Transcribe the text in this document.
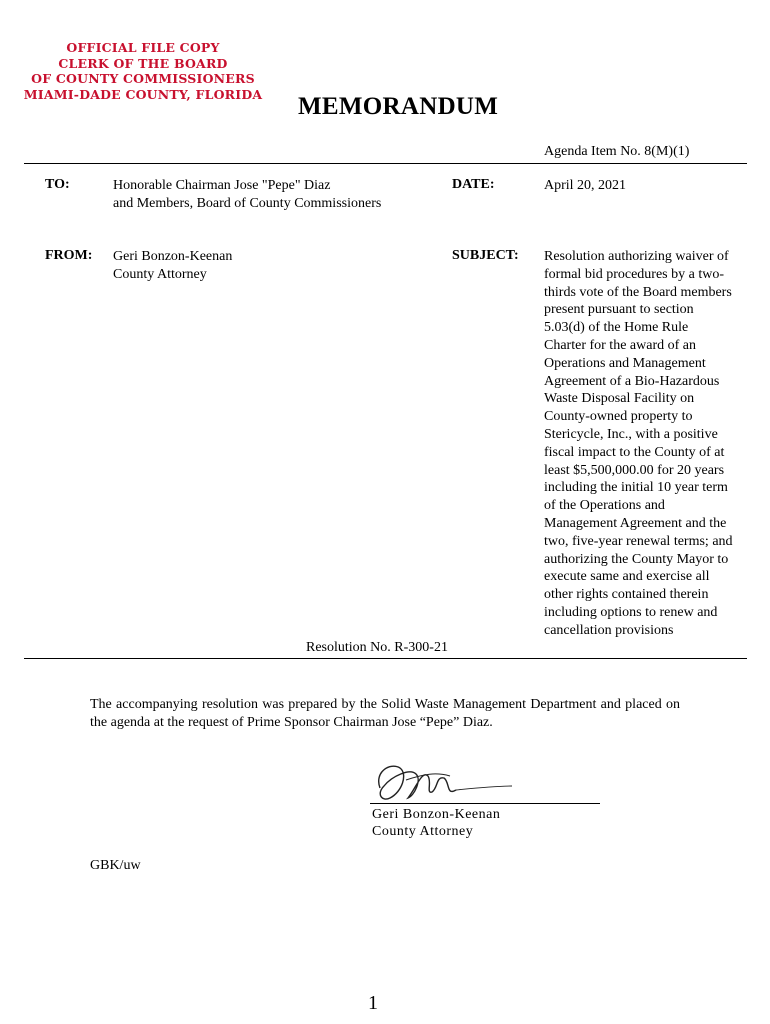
OFFICIAL FILE COPY
CLERK OF THE BOARD
OF COUNTY COMMISSIONERS
MIAMI-DADE COUNTY, FLORIDA MEMORANDUM
Agenda Item No. 8(M)(1)
TO:	Honorable Chairman Jose "Pepe" Diaz
and Members, Board of County Commissioners
DATE:	April 20, 2021
FROM: Geri Bonzon-Keenan
County Attorney
SUBJECT: Resolution authorizing waiver of
formal bid procedures by a two-
thirds vote of the Board members
present pursuant to section
5.03(d) of the Home Rule
Charter for the award of an
Operations and Management
Agreement of a Bio-Hazardous
Waste Disposal Facility on
County-owned property to
Stericycle, Inc., with a positive
fiscal impact to the County of at
least $5,500,000.00 for 20 years
including the initial 10 year term
of the Operations and
Management Agreement and the
two, five-year renewal terms; and
authorizing the County Mayor to
execute same and exercise all
other rights contained therein
including options to renew and
cancellation provisions
Resolution No. R-300-21

The accompanying resolution was prepared by the Solid Waste Management Department and placed on the agenda at the request of Prime Sponsor Chairman Jose “Pepe” Diaz.

Geri Bonzon-Keenan
County Attorney
GBK/uw
1
